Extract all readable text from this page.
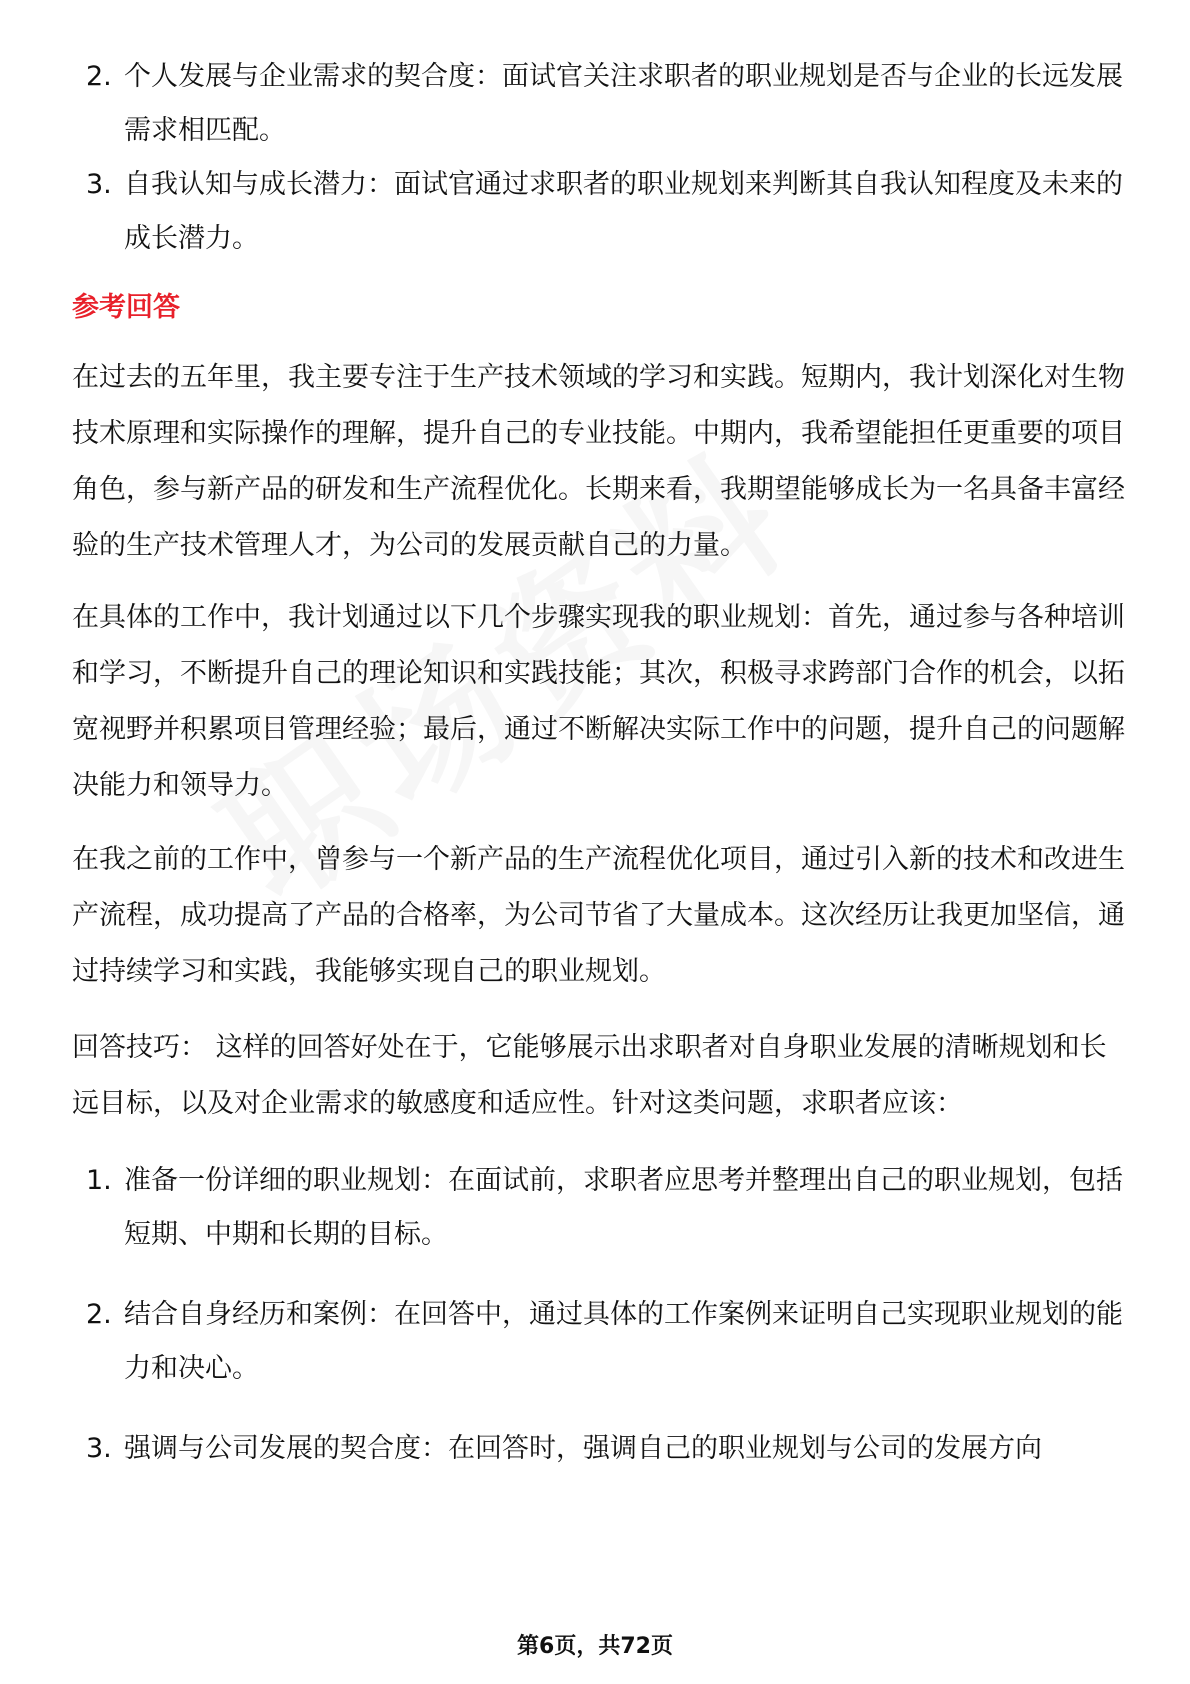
2. 个人发展与企业需求的契合度：面试官关注求职者的职业规划是否与企业的长远发展需求相匹配。
3. 自我认知与成长潜力：面试官通过求职者的职业规划来判断其自我认知程度及未来的成长潜力。
参考回答
在过去的五年里，我主要专注于生产技术领域的学习和实践。短期内，我计划深化对生物技术原理和实际操作的理解，提升自己的专业技能。中期内，我希望能担任更重要的项目角色，参与新产品的研发和生产流程优化。长期来看，我期望能够成长为一名具备丰富经验的生产技术管理人才，为公司的发展贡献自己的力量。
在具体的工作中，我计划通过以下几个步骤实现我的职业规划：首先，通过参与各种培训和学习，不断提升自己的理论知识和实践技能；其次，积极寻求跨部门合作的机会，以拓宽视野并积累项目管理经验；最后，通过不断解决实际工作中的问题，提升自己的问题解决能力和领导力。
在我之前的工作中，曾参与一个新产品的生产流程优化项目，通过引入新的技术和改进生产流程，成功提高了产品的合格率，为公司节省了大量成本。这次经历让我更加坚信，通过持续学习和实践，我能够实现自己的职业规划。
回答技巧： 这样的回答好处在于，它能够展示出求职者对自身职业发展的清晰规划和长远目标，以及对企业需求的敏感度和适应性。针对这类问题，求职者应该：
1. 准备一份详细的职业规划：在面试前，求职者应思考并整理出自己的职业规划，包括短期、中期和长期的目标。
2. 结合自身经历和案例：在回答中，通过具体的工作案例来证明自己实现职业规划的能力和决心。
3. 强调与公司发展的契合度：在回答时，强调自己的职业规划与公司的发展方向
第6页，共72页
